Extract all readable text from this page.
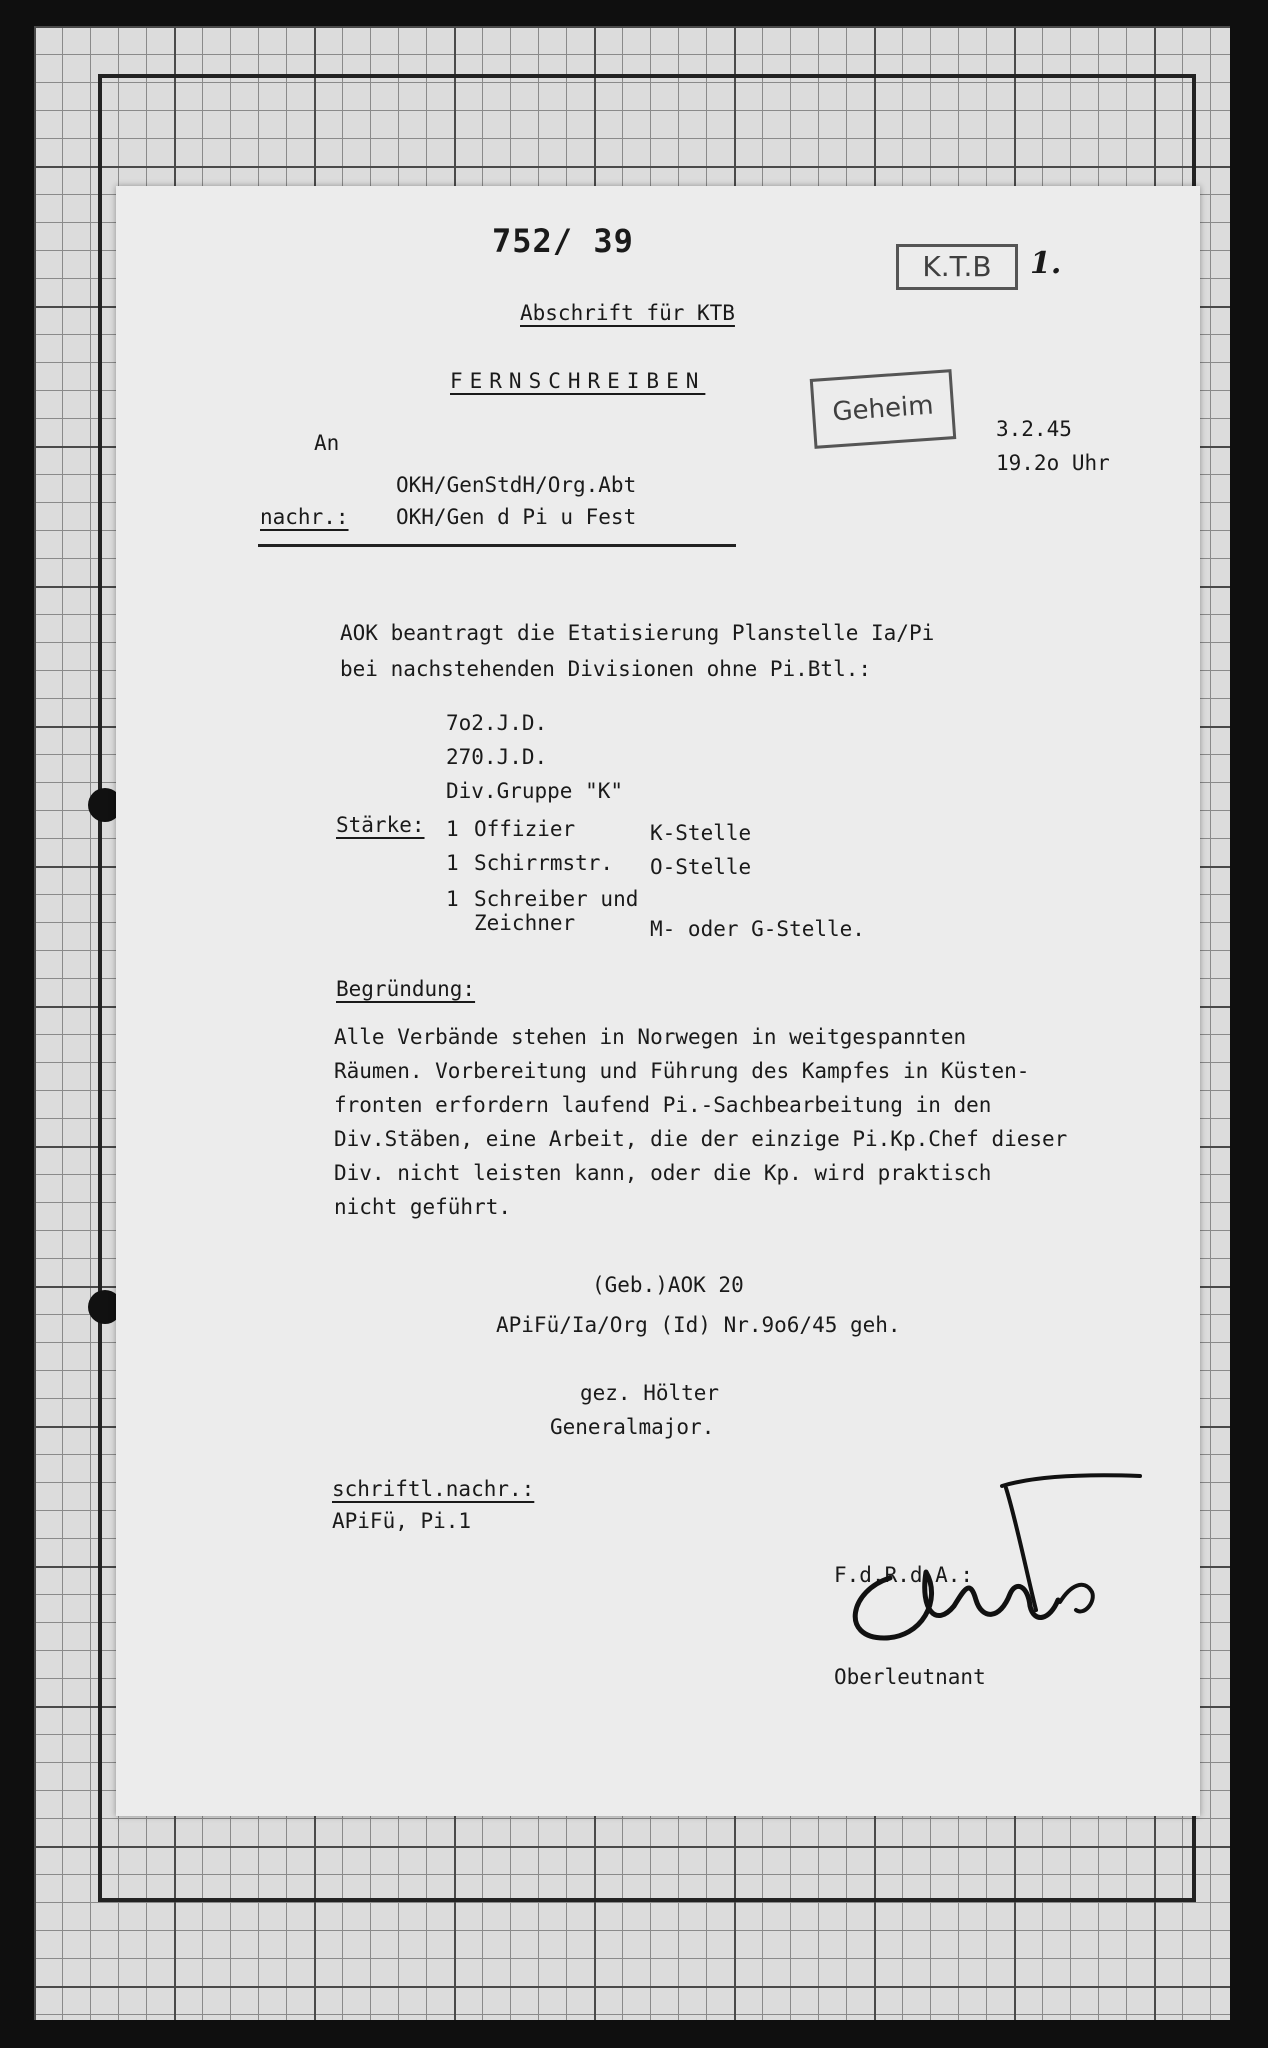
752/ 39
Abschrift für KTB
K.T.B	1.
FERNSCHREIBEN
Geheim
3.2.45
19.2o Uhr
An
OKH/GenStdH/Org.Abt
nachr.: OKH/Gen d Pi u Fest
AOK beantragt die Etatisierung Planstelle Ia/Pi
bei nachstehenden Divisionen ohne Pi.Btl.:
7o2.J.D.
270.J.D.
Div.Gruppe "K"
Stärke: 1 Offizier	K-Stelle
1 Schirrmstr. O-Stelle
1 Schreiber und
Zeichner	M- oder G-Stelle.
Begründung:
Alle Verbände stehen in Norwegen in weitgespannten
Räumen. Vorbereitung und Führung des Kampfes in Küsten-
fronten erfordern laufend Pi.-Sachbearbeitung in den
Div.Stäben, eine Arbeit, die der einzige Pi.Kp.Chef dieser
Div. nicht leisten kann, oder die Kp. wird praktisch
nicht geführt.
(Geb.)AOK 20
APiFü/Ia/Org (Id) Nr.9o6/45 geh.
gez. Hölter
Generalmajor.
schriftl.nachr.:
APiFü, Pi.1
F.d.R.d.A.:
Oberleutnant
